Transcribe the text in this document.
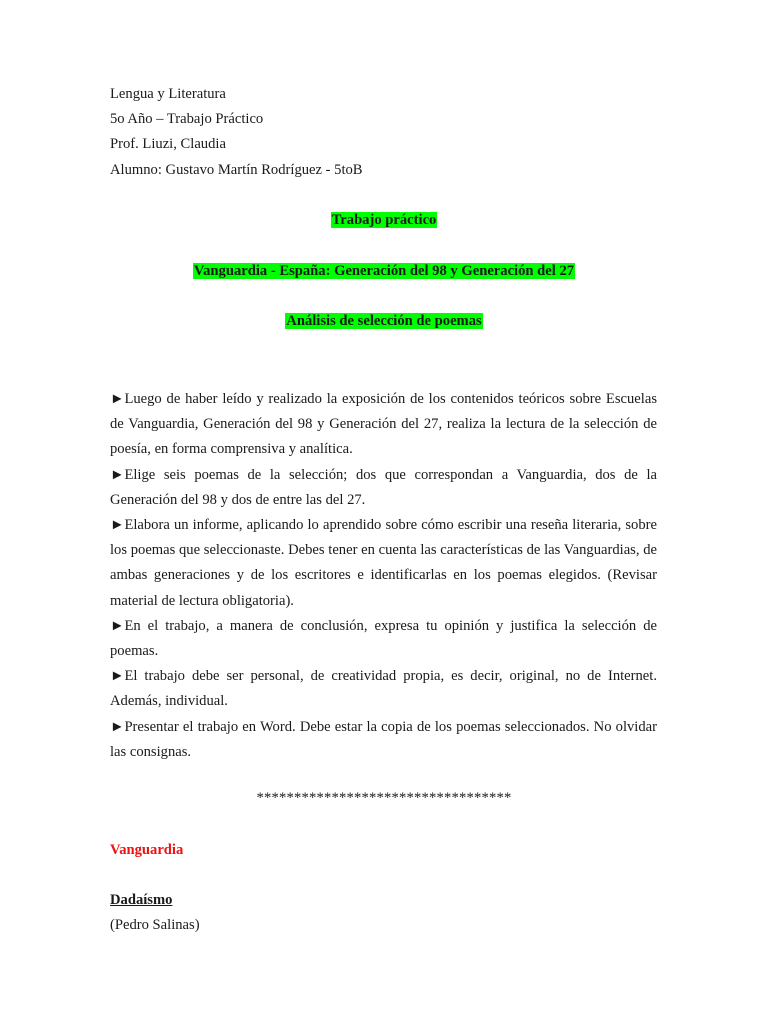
Lengua y Literatura
5o Año – Trabajo Práctico
Prof. Liuzi, Claudia
Alumno: Gustavo Martín Rodríguez - 5toB
Trabajo práctico
Vanguardia - España: Generación del 98 y Generación del 27
Análisis de selección de poemas

►Luego de haber leído y realizado la exposición de los contenidos teóricos sobre Escuelas de Vanguardia, Generación del 98 y Generación del 27, realiza la lectura de la selección de poesía, en forma comprensiva y analítica.

►Elige seis poemas de la selección; dos que correspondan a Vanguardia, dos de la Generación del 98 y dos de entre las del 27.

►Elabora un informe, aplicando lo aprendido sobre cómo escribir una reseña literaria, sobre los poemas que seleccionaste. Debes tener en cuenta las características de las Vanguardias, de ambas generaciones y de los escritores e identificarlas en los poemas elegidos. (Revisar material de lectura obligatoria).

►En el trabajo, a manera de conclusión, expresa tu opinión y justifica la selección de poemas.

►El trabajo debe ser personal, de creatividad propia, es decir, original, no de Internet. Además, individual.

►Presentar el trabajo en Word. Debe estar la copia de los poemas seleccionados. No olvidar las consignas.

**********************************
Vanguardia
Dadaísmo
(Pedro Salinas)
